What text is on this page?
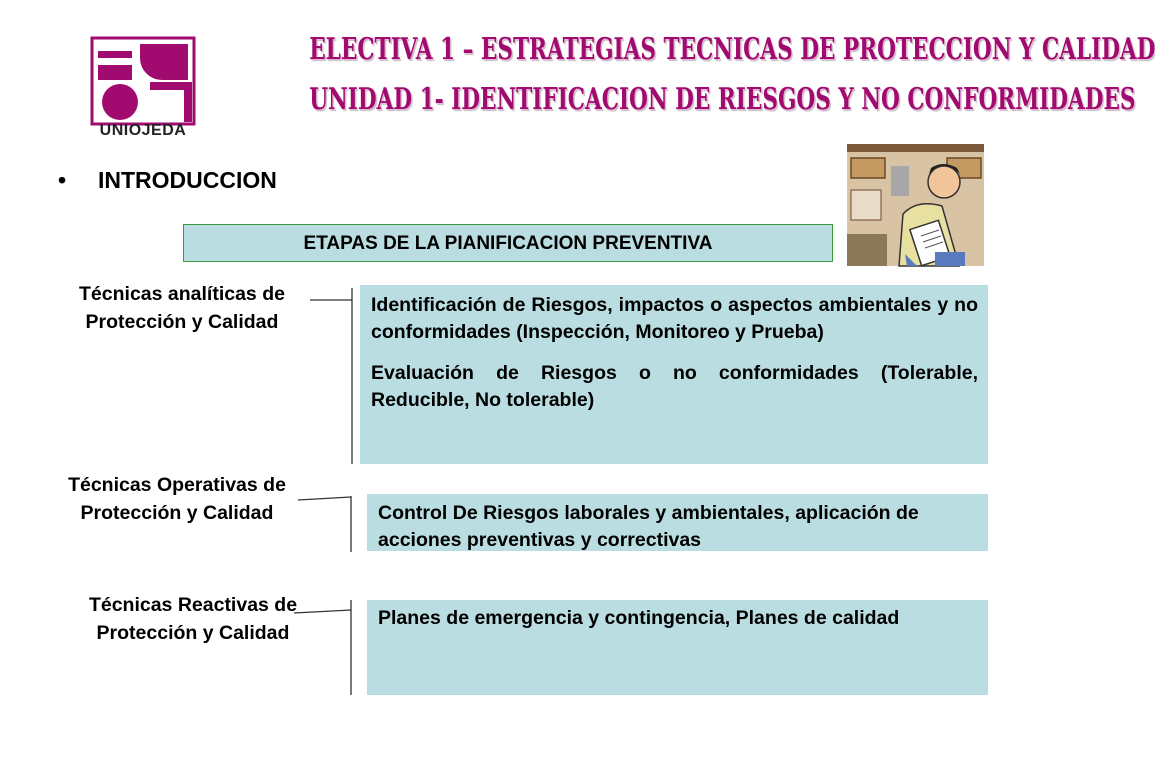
UNIOJEDA
ELECTIVA 1 – ESTRATEGIAS TECNICAS DE PROTECCION Y CALIDAD
UNIDAD 1- IDENTIFICACION DE RIESGOS Y NO CONFORMIDADES
• INTRODUCCION
ETAPAS DE LA PIANIFICACION PREVENTIVA
Técnicas analíticas de Protección y Calidad
Técnicas Operativas de Protección y Calidad
Técnicas Reactivas de Protección y Calidad

Identificación de Riesgos, impactos o aspectos ambientales y no conformidades (Inspección, Monitoreo y Prueba)

Evaluación de Riesgos o no conformidades (Tolerable, Reducible, No tolerable)

Control De Riesgos laborales y ambientales, aplicación de acciones preventivas y correctivas

Planes de emergencia y contingencia, Planes de calidad
